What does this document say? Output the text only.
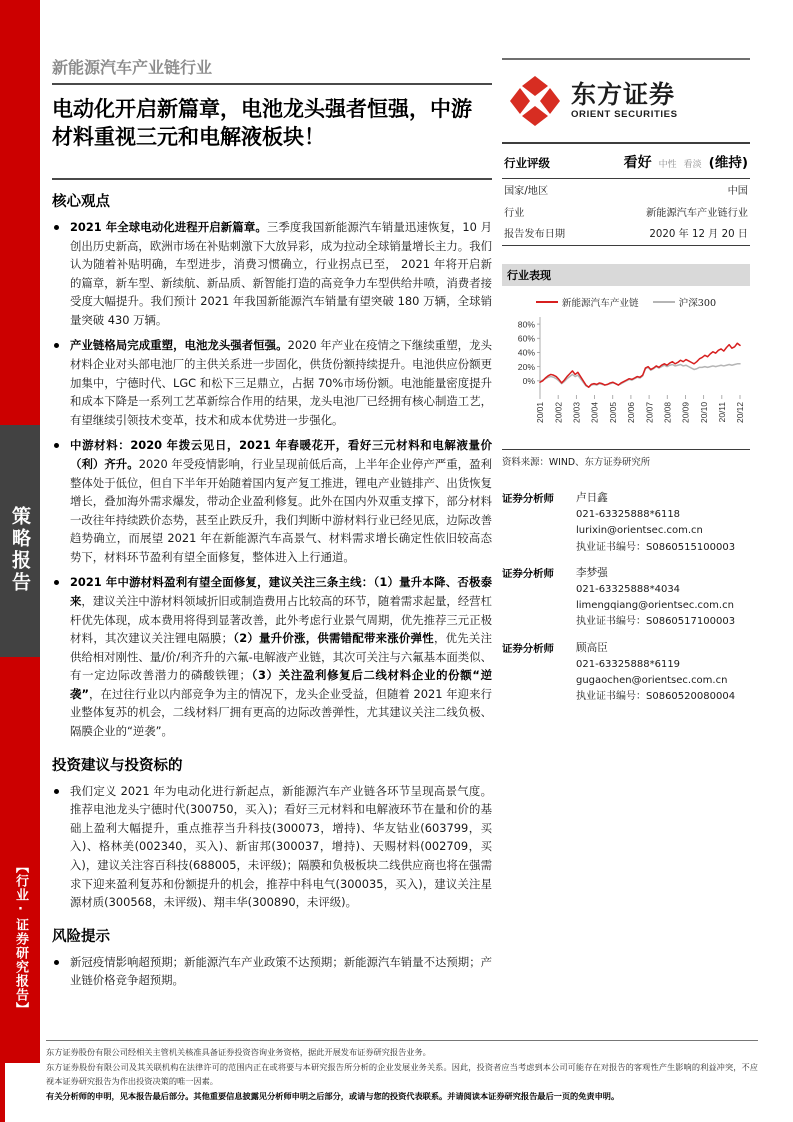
策略报告
【行业·证券研究报告】
新能源汽车产业链行业
电动化开启新篇章，电池龙头强者恒强，中游材料重视三元和电解液板块！
核心观点
2021 年全球电动化进程开启新篇章。三季度我国新能源汽车销量迅速恢复，10 月创出历史新高，欧洲市场在补贴刺激下大放异彩，成为拉动全球销量增长主力。我们认为随着补贴明确，车型进步，消费习惯确立，行业拐点已至， 2021 年将开启新的篇章，新车型、新续航、新品质、新智能打造的高竞争力车型供给井喷，消费者接受度大幅提升。我们预计 2021 年我国新能源汽车销量有望突破 180 万辆，全球销量突破 430 万辆。
产业链格局完成重塑，电池龙头强者恒强。2020 年产业在疫情之下继续重塑，龙头材料企业对头部电池厂的主供关系进一步固化，供货份额持续提升。电池供应份额更加集中，宁德时代、LGC 和松下三足鼎立，占据 70%市场份额。电池能量密度提升和成本下降是一系列工艺革新综合作用的结果，龙头电池厂已经拥有核心制造工艺，有望继续引领技术变革，技术和成本优势进一步强化。
中游材料：2020 年拨云见日，2021 年春暖花开，看好三元材料和电解液量价（利）齐升。2020 年受疫情影响，行业呈现前低后高，上半年企业停产严重，盈利整体处于低位，但自下半年开始随着国内复产复工推进，锂电产业链排产、出货恢复增长，叠加海外需求爆发，带动企业盈利修复。此外在国内外双重支撑下，部分材料一改往年持续跌价态势，甚至止跌反升，我们判断中游材料行业已经见底，边际改善趋势确立，而展望 2021 年在新能源汽车高景气、材料需求增长确定性依旧较高态势下，材料环节盈利有望全面修复，整体进入上行通道。
2021 年中游材料盈利有望全面修复，建议关注三条主线：（1）量升本降、否极泰来，建议关注中游材料领域折旧或制造费用占比较高的环节，随着需求起量，经营杠杆优先体现，成本费用将得到显著改善，此外考虑行业景气周期，优先推荐三元正极材料，其次建议关注锂电隔膜；（2）量升价涨，供需错配带来涨价弹性，优先关注供给相对刚性、量/价/利齐升的六氟-电解液产业链，其次可关注与六氟基本面类似、有一定边际改善潜力的磷酸铁锂；（3）关注盈利修复后二线材料企业的份额“逆袭”，在过往行业以内部竞争为主的情况下，龙头企业受益，但随着 2021 年迎来行业整体复苏的机会，二线材料厂拥有更高的边际改善弹性，尤其建议关注二线负极、隔膜企业的“逆袭”。
投资建议与投资标的
我们定义 2021 年为电动化进行新起点，新能源汽车产业链各环节呈现高景气度。推荐电池龙头宁德时代(300750，买入)；看好三元材料和电解液环节在量和价的基础上盈利大幅提升，重点推荐当升科技(300073，增持)、华友钴业(603799，买入)、格林美(002340，买入)、新宙邦(300037，增持)、天赐材料(002709，买入)，建议关注容百科技(688005，未评级)；隔膜和负极板块二线供应商也将在强需求下迎来盈利复苏和份额提升的机会，推荐中科电气(300035，买入)，建议关注星源材质(300568，未评级)、翔丰华(300890，未评级)。
风险提示
新冠疫情影响超预期；新能源汽车产业政策不达预期；新能源汽车销量不达预期；产业链价格竞争超预期。
东方证券
ORIENT SECURITIES
行业评级	看好 中性 看淡 (维持)
国家/地区	中国
行业	新能源汽车产业链行业
报告发布日期	2020 年 12 月 20 日
行业表现
新能源汽车产业链	沪深300
0%
20%
40%
60%
80%
20/01 20/02 20/03 20/04 20/05 20/06 20/07 20/08 20/09 20/10 20/11 20/12
资料来源：WIND、东方证券研究所
证券分析师	卢日鑫
021-63325888*6118
lurixin@orientsec.com.cn
执业证书编号：S0860515100003
证券分析师	李梦强
021-63325888*4034
limengqiang@orientsec.com.cn
执业证书编号：S0860517100003
证券分析师	顾高臣
021-63325888*6119
gugaochen@orientsec.com.cn
执业证书编号：S0860520080004

东方证券股份有限公司经相关主管机关核准具备证券投资咨询业务资格，据此开展发布证券研究报告业务。

东方证券股份有限公司及其关联机构在法律许可的范围内正在或将要与本研究报告所分析的企业发展业务关系。因此，投资者应当考虑到本公司可能存在对报告的客观性产生影响的利益冲突，不应视本证券研究报告为作出投资决策的唯一因素。

有关分析师的申明，见本报告最后部分。其他重要信息披露见分析师申明之后部分，或请与您的投资代表联系。并请阅读本证券研究报告最后一页的免责申明。
